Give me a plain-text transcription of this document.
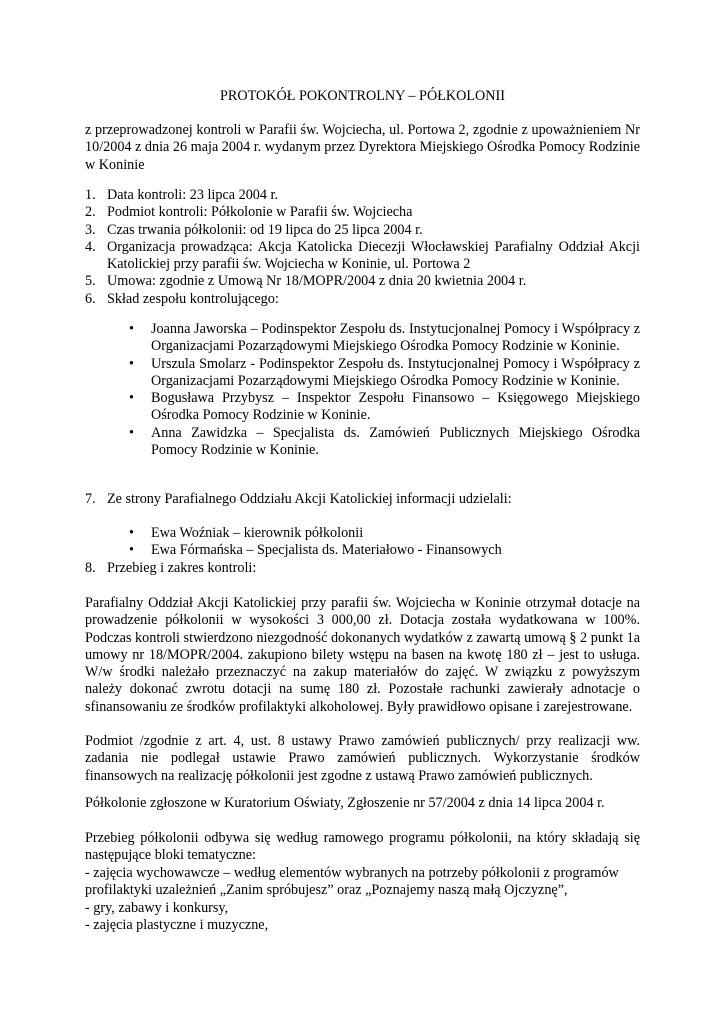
PROTOKÓŁ POKONTROLNY – PÓŁKOLONII

z przeprowadzonej kontroli w Parafii św. Wojciecha, ul. Portowa 2, zgodnie z upoważnieniem Nr 10/2004 z dnia 26 maja 2004 r. wydanym przez Dyrektora Miejskiego Ośrodka Pomocy Rodzinie w Koninie

1. Data kontroli: 23 lipca 2004 r.
2. Podmiot kontroli: Półkolonie w Parafii św. Wojciecha
3. Czas trwania półkolonii: od 19 lipca do 25 lipca 2004 r.
4. Organizacja prowadząca: Akcja Katolicka Diecezji Włocławskiej Parafialny Oddział Akcji Katolickiej przy parafii św. Wojciecha w Koninie, ul. Portowa 2
5. Umowa: zgodnie z Umową Nr 18/MOPR/2004 z dnia 20 kwietnia 2004 r.
6. Skład zespołu kontrolującego:
•	Joanna Jaworska – Podinspektor Zespołu ds. Instytucjonalnej Pomocy i Współpracy z Organizacjami Pozarządowymi Miejskiego Ośrodka Pomocy Rodzinie w Koninie.
•	Urszula Smolarz - Podinspektor Zespołu ds. Instytucjonalnej Pomocy i Współpracy z Organizacjami Pozarządowymi Miejskiego Ośrodka Pomocy Rodzinie w Koninie.
•	Bogusława Przybysz – Inspektor Zespołu Finansowo – Księgowego Miejskiego Ośrodka Pomocy Rodzinie w Koninie.
•	Anna Zawidzka – Specjalista ds. Zamówień Publicznych Miejskiego Ośrodka Pomocy Rodzinie w Koninie.
7. Ze strony Parafialnego Oddziału Akcji Katolickiej informacji udzielali:
•	Ewa Woźniak – kierownik półkolonii
•	Ewa Fórmańska – Specjalista ds. Materiałowo - Finansowych
8. Przebieg i zakres kontroli:

Parafialny Oddział Akcji Katolickiej przy parafii św. Wojciecha w Koninie otrzymał dotacje na prowadzenie półkolonii w wysokości 3 000,00 zł. Dotacja została wydatkowana w 100%. Podczas kontroli stwierdzono niezgodność dokonanych wydatków z zawartą umową § 2 punkt 1a umowy nr 18/MOPR/2004. zakupiono bilety wstępu na basen na kwotę 180 zł – jest to usługa. W/w środki należało przeznaczyć na zakup materiałów do zajęć. W związku z powyższym należy dokonać zwrotu dotacji na sumę 180 zł. Pozostałe rachunki zawierały adnotacje o sfinansowaniu ze środków profilaktyki alkoholowej. Były prawidłowo opisane i zarejestrowane.

Podmiot /zgodnie z art. 4, ust. 8 ustawy Prawo zamówień publicznych/ przy realizacji ww. zadania nie podlegał ustawie Prawo zamówień publicznych. Wykorzystanie środków finansowych na realizację półkolonii jest zgodne z ustawą Prawo zamówień publicznych.

Półkolonie zgłoszone w Kuratorium Oświaty, Zgłoszenie nr 57/2004 z dnia 14 lipca 2004 r.

Przebieg półkolonii odbywa się według ramowego programu półkolonii, na który składają się następujące bloki tematyczne:

- zajęcia wychowawcze – według elementów wybranych na potrzeby półkolonii z programów profilaktyki uzależnień „Zanim spróbujesz” oraz „Poznajemy naszą małą Ojczyznę”,

- gry, zabawy i konkursy,

- zajęcia plastyczne i muzyczne,
